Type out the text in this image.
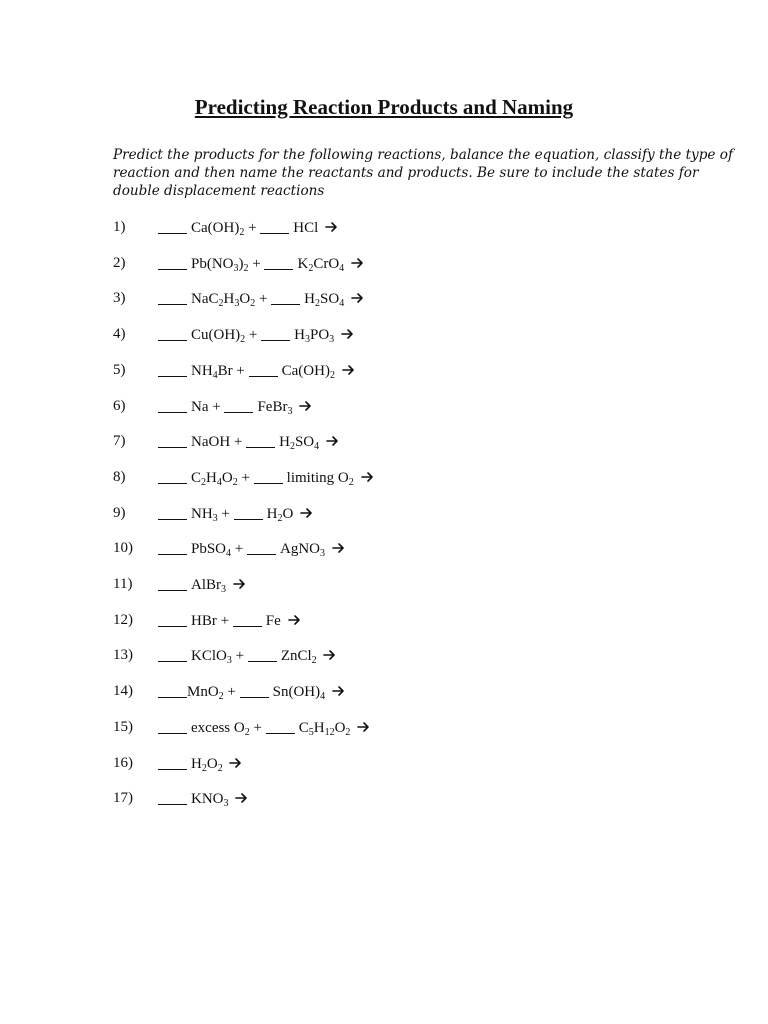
Predicting Reaction Products and Naming
Predict the products for the following reactions, balance the equation, classify the type of
reaction and then name the reactants and products. Be sure to include the states for
double displacement reactions
1)	$Ca(OH)_2$ + HCl
2)	$Pb(NO_3)_2 + K_2CrO_4$
3)	$NaC_2H_3O_2 + H_2SO_4$
4)	$Cu(OH)_2 + H_3PO_3$
5)	$NH_4Br + Ca(OH)_2$
6)	Na + FeBr$_3$
7)	NaOH + $H_2SO_4$
8)	$C_2H_4O_2$ + limiting $O_2$
9)	$NH_3 + H_2O$
10)	PbSO$_4$ + AgNO$_3$
11)	AlBr$_3$
12)	HBr + Fe
13)	KClO$_3$ + ZnCl$_2$
14)	$MnO_2 + Sn(OH)_4$
15)	excess $O_2 + C_5H_{12}O_2$
16)	$H_2O_2$
17)	$KNO_3$
